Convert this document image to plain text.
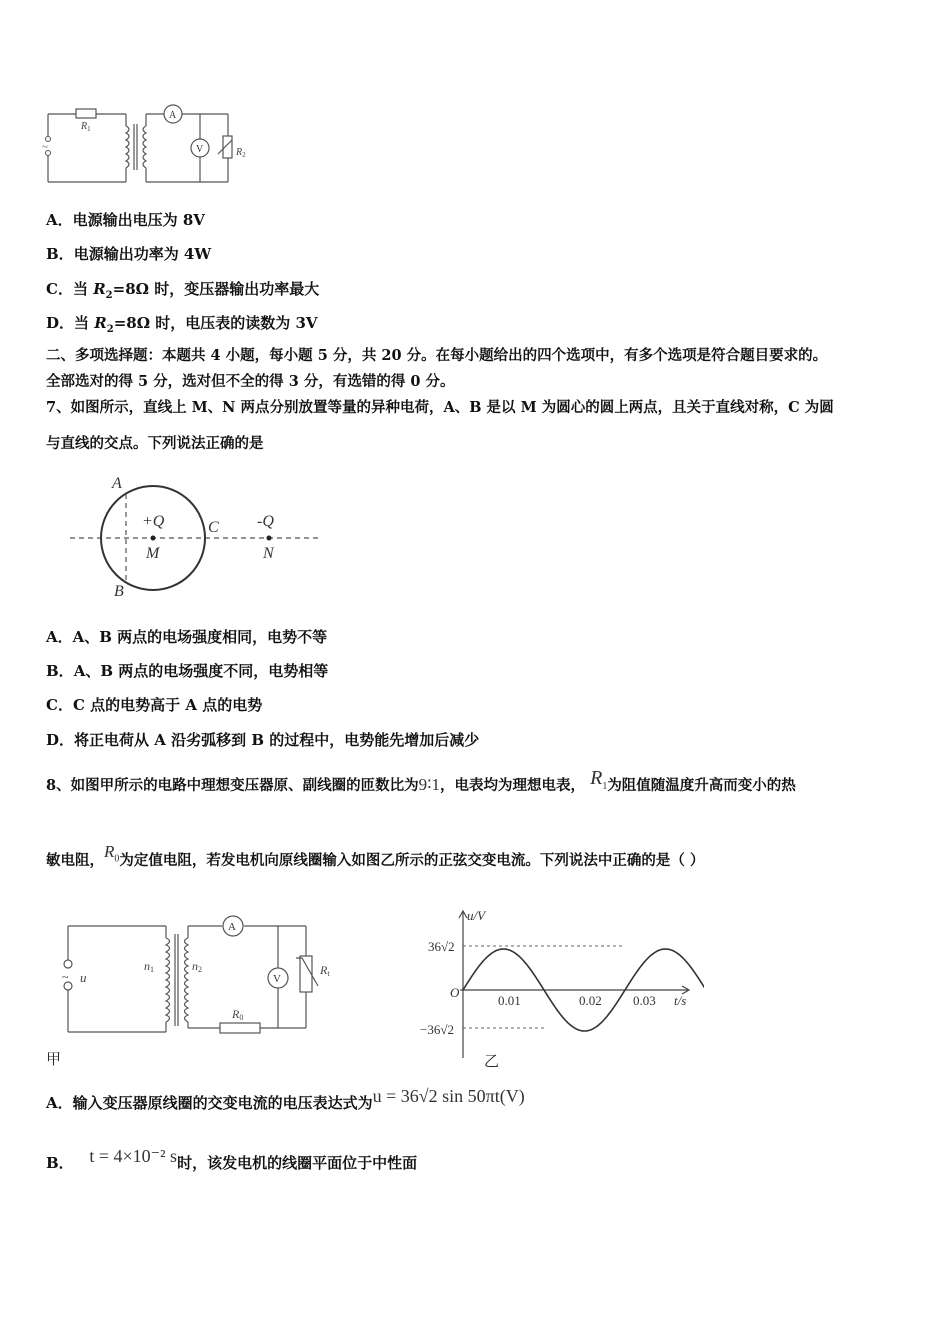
~
A
V
$R_1$
$R_2$
A．电源输出电压为 8V
B．电源输出功率为 4W
C．当 $R_2=8\Omega$ 时，变压器输出功率最大
D．当 $R_2=8\Omega$ 时，电压表的读数为 3V
二、多项选择题：本题共 4 小题，每小题 5 分，共 20 分。在每小题给出的四个选项中，有多个选项是符合题目要求的。
全部选对的得 5 分，选对但不全的得 3 分，有选错的得 0 分。
7、如图所示，直线上 M、N 两点分别放置等量的异种电荷，A、B 是以 M 为圆心的圆上两点，且关于直线对称，C 为圆
与直线的交点。下列说法正确的是
A
B
C
M	N
+Q	-Q
A．A、B 两点的电场强度相同，电势不等
B．A、B 两点的电场强度不同，电势相等
C．C 点的电势高于 A 点的电势
D．将正电荷从 A 沿劣弧移到 B 的过程中，电势能先增加后减少
8、如图甲所示的电路中理想变压器原、副线圈的匝数比为9∶1，电表均为理想电表， $R_1$为阻值随温度升高而变小的热
敏电阻，$R_0$为定值电阻，若发电机向原线圈输入如图乙所示的正弦交变电流。下列说法中正确的是（ ）
~ u
n1	n2
A
V
R0
Rt
甲
u/V
36√2
−36√2
O
0.01	0.02 0.03 t/s
乙
A．输入变压器原线圈的交变电流的电压表达式为u = 36√2 sin 50πt(V)
B． t = 4×10⁻² s时，该发电机的线圈平面位于中性面
